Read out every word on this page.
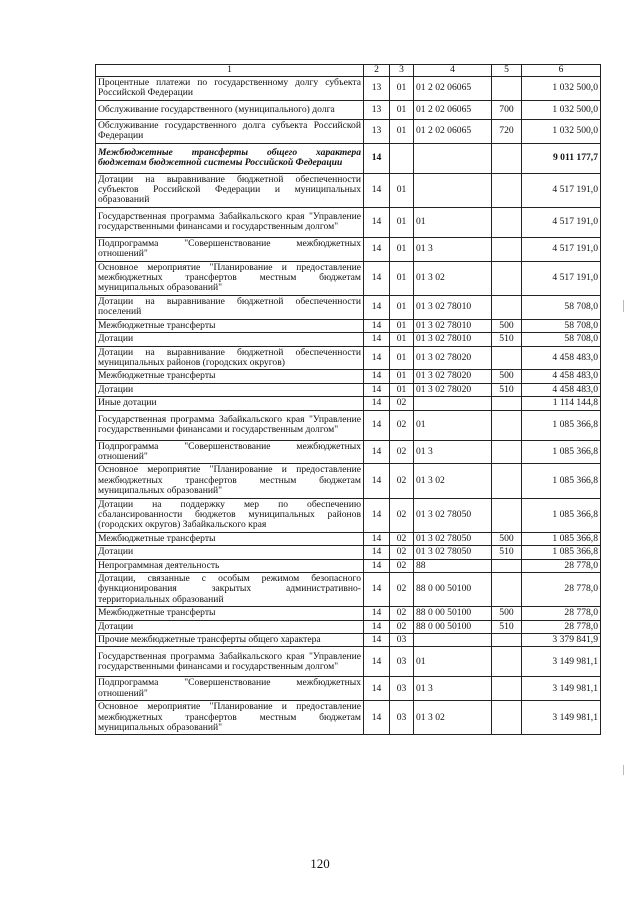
1	2	3	4	5	6
Процентные платежи по государственному долгу субъекта Российской Федерации	13	01	01 2 02 06065		1 032 500,0
Обслуживание государственного (муниципального) долга	13	01	01 2 02 06065	700	1 032 500,0
Обслуживание государственного долга субъекта Российской Федерации	13	01	01 2 02 06065	720	1 032 500,0
Межбюджетные трансферты общего характера бюджетам бюджетной системы Российской Федерации	14				9 011 177,7
Дотации на выравнивание бюджетной обеспеченности субъектов Российской Федерации и муниципальных образований	14	01			4 517 191,0
Государственная программа Забайкальского края "Управление государственными финансами и государственным долгом"	14	01	01		4 517 191,0
Подпрограмма "Совершенствование межбюджетных отношений"	14	01	01 3		4 517 191,0
Основное мероприятие "Планирование и предоставление межбюджетных трансфертов местным бюджетам муниципальных образований"	14	01	01 3 02		4 517 191,0
Дотации на выравнивание бюджетной обеспеченности поселений	14	01	01 3 02 78010		58 708,0
Межбюджетные трансферты	14	01	01 3 02 78010	500	58 708,0
Дотации	14	01	01 3 02 78010	510	58 708,0
Дотации на выравнивание бюджетной обеспеченности муниципальных районов (городских округов)	14	01	01 3 02 78020		4 458 483,0
Межбюджетные трансферты	14	01	01 3 02 78020	500	4 458 483,0
Дотации	14	01	01 3 02 78020	510	4 458 483,0
Иные дотации	14	02			1 114 144,8
Государственная программа Забайкальского края "Управление государственными финансами и государственным долгом"	14	02	01		1 085 366,8
Подпрограмма "Совершенствование межбюджетных отношений"	14	02	01 3		1 085 366,8
Основное мероприятие "Планирование и предоставление межбюджетных трансфертов местным бюджетам муниципальных образований"	14	02	01 3 02		1 085 366,8
Дотации на поддержку мер по обеспечению сбалансированности бюджетов муниципальных районов (городских округов) Забайкальского края	14	02	01 3 02 78050		1 085 366,8
Межбюджетные трансферты	14	02	01 3 02 78050	500	1 085 366,8
Дотации	14	02	01 3 02 78050	510	1 085 366,8
Непрограммная деятельность	14	02	88		28 778,0
Дотации, связанные с особым режимом безопасного функционирования закрытых административно-территориальных образований	14	02	88 0 00 50100		28 778,0
Межбюджетные трансферты	14	02	88 0 00 50100	500	28 778,0
Дотации	14	02	88 0 00 50100	510	28 778,0
Прочие межбюджетные трансферты общего характера	14	03			3 379 841,9
Государственная программа Забайкальского края "Управление государственными финансами и государственным долгом"	14	03	01		3 149 981,1
Подпрограмма "Совершенствование межбюджетных отношений"	14	03	01 3		3 149 981,1
Основное мероприятие "Планирование и предоставление межбюджетных трансфертов местным бюджетам муниципальных образований"	14	03	01 3 02		3 149 981,1
120
